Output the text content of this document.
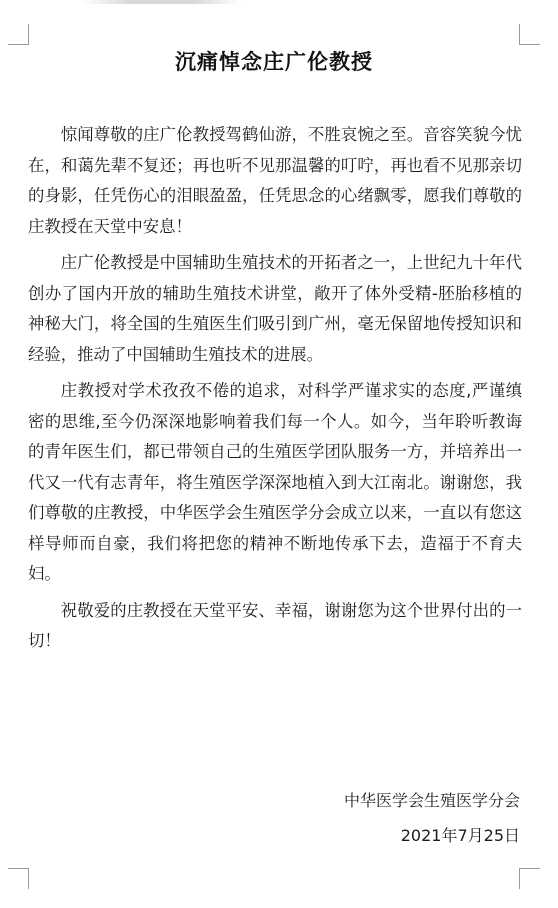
沉痛悼念庄广伦教授

惊闻尊敬的庄广伦教授驾鹤仙游，不胜哀惋之至。音容笑貌今忧在，和蔼先辈不复还；再也听不见那温馨的叮咛，再也看不见那亲切的身影，任凭伤心的泪眼盈盈，任凭思念的心绪飘零，愿我们尊敬的庄教授在天堂中安息！

庄广伦教授是中国辅助生殖技术的开拓者之一，上世纪九十年代创办了国内开放的辅助生殖技术讲堂，敞开了体外受精-胚胎移植的神秘大门，将全国的生殖医生们吸引到广州，毫无保留地传授知识和经验，推动了中国辅助生殖技术的进展。

庄教授对学术孜孜不倦的追求，对科学严谨求实的态度,严谨缜密的思维,至今仍深深地影响着我们每一个人。如今，当年聆听教诲的青年医生们，都已带领自己的生殖医学团队服务一方，并培养出一代又一代有志青年，将生殖医学深深地植入到大江南北。谢谢您，我们尊敬的庄教授，中华医学会生殖医学分会成立以来，一直以有您这样导师而自豪，我们将把您的精神不断地传承下去，造福于不育夫妇。

祝敬爱的庄教授在天堂平安、幸福，谢谢您为这个世界付出的一切！

中华医学会生殖医学分会
2021年7月25日
